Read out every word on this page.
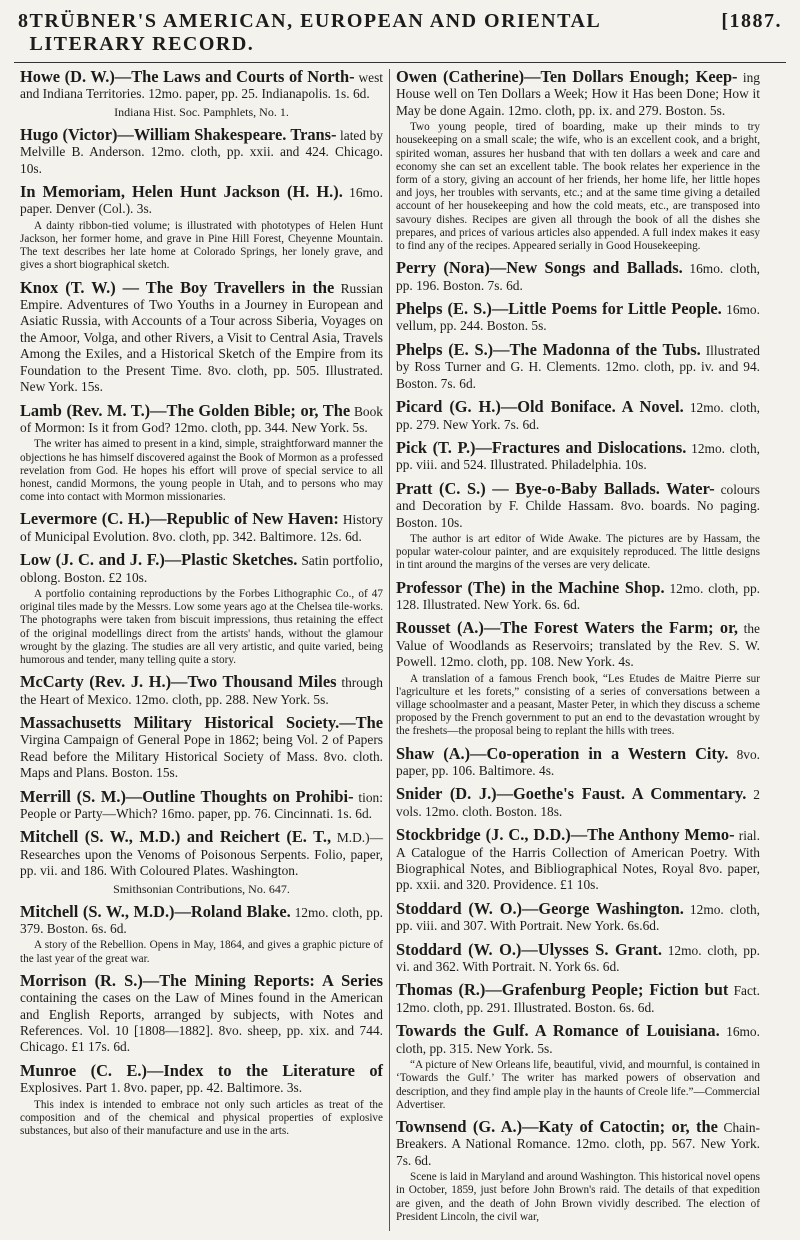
8 TRÜBNER'S AMERICAN, EUROPEAN AND ORIENTAL LITERARY RECORD.
[1887.

Howe (D. W.)—The Laws and Courts of North- west and Indiana Territories. 12mo. paper, pp. 25. Indianapolis. 1s. 6d.

Indiana Hist. Soc. Pamphlets, No. 1.

Hugo (Victor)—William Shakespeare. Trans- lated by Melville B. Anderson. 12mo. cloth, pp. xxii. and 424. Chicago. 10s.

In Memoriam, Helen Hunt Jackson (H. H.). 16mo. paper. Denver (Col.). 3s.

A dainty ribbon-tied volume; is illustrated with phototypes of Helen Hunt Jackson, her former home, and grave in Pine Hill Forest, Cheyenne Mountain. The text describes her late home at Colorado Springs, her lonely grave, and gives a short biographical sketch.

Knox (T. W.) — The Boy Travellers in the Russian Empire. Adventures of Two Youths in a Journey in European and Asiatic Russia, with Accounts of a Tour across Siberia, Voyages on the Amoor, Volga, and other Rivers, a Visit to Central Asia, Travels Among the Exiles, and a Historical Sketch of the Empire from its Foundation to the Present Time. 8vo. cloth, pp. 505. Illustrated. New York. 15s.

Lamb (Rev. M. T.)—The Golden Bible; or, The Book of Mormon: Is it from God? 12mo. cloth, pp. 344. New York. 5s.

The writer has aimed to present in a kind, simple, straightforward manner the objections he has himself discovered against the Book of Mormon as a professed revelation from God. He hopes his effort will prove of special service to all honest, candid Mormons, the young people in Utah, and to persons who may come into contact with Mormon missionaries.

Levermore (C. H.)—Republic of New Haven: History of Municipal Evolution. 8vo. cloth, pp. 342. Baltimore. 12s. 6d.

Low (J. C. and J. F.)—Plastic Sketches. Satin portfolio, oblong. Boston. £2 10s.

A portfolio containing reproductions by the Forbes Lithographic Co., of 47 original tiles made by the Messrs. Low some years ago at the Chelsea tile-works. The photographs were taken from biscuit impressions, thus retaining the effect of the original modellings direct from the artists' hands, without the glamour wrought by the glazing. The studies are all very artistic, and quite varied, being humorous and tender, many telling quite a story.

McCarty (Rev. J. H.)—Two Thousand Miles through the Heart of Mexico. 12mo. cloth, pp. 288. New York. 5s.

Massachusetts Military Historical Society.—The Virgina Campaign of General Pope in 1862; being Vol. 2 of Papers Read before the Military Historical Society of Mass. 8vo. cloth. Maps and Plans. Boston. 15s.

Merrill (S. M.)—Outline Thoughts on Prohibi- tion: People or Party—Which? 16mo. paper, pp. 76. Cincinnati. 1s. 6d.

Mitchell (S. W., M.D.) and Reichert (E. T., M.D.)—Researches upon the Venoms of Poisonous Serpents. Folio, paper, pp. vii. and 186. With Coloured Plates. Washington.

Smithsonian Contributions, No. 647.

Mitchell (S. W., M.D.)—Roland Blake. 12mo. cloth, pp. 379. Boston. 6s. 6d.

A story of the Rebellion. Opens in May, 1864, and gives a graphic picture of the last year of the great war.

Morrison (R. S.)—The Mining Reports: A Series containing the cases on the Law of Mines found in the American and English Reports, arranged by subjects, with Notes and References. Vol. 10 [1808—1882]. 8vo. sheep, pp. xix. and 744. Chicago. £1 17s. 6d.

Munroe (C. E.)—Index to the Literature of Explosives. Part 1. 8vo. paper, pp. 42. Baltimore. 3s.

This index is intended to embrace not only such articles as treat of the composition and of the chemical and physical properties of explosive substances, but also of their manufacture and use in the arts.

Owen (Catherine)—Ten Dollars Enough; Keep- ing House well on Ten Dollars a Week; How it Has been Done; How it May be done Again. 12mo. cloth, pp. ix. and 279. Boston. 5s.

Two young people, tired of boarding, make up their minds to try housekeeping on a small scale; the wife, who is an excellent cook, and a bright, spirited woman, assures her husband that with ten dollars a week and care and economy she can set an excellent table. The book relates her experience in the form of a story, giving an account of her friends, her home life, her little hopes and joys, her troubles with servants, etc.; and at the same time giving a detailed account of her housekeeping and how the cold meats, etc., are transposed into savoury dishes. Recipes are given all through the book of all the dishes she prepares, and prices of various articles also appended. A full index makes it easy to find any of the recipes. Appeared serially in Good Housekeeping.

Perry (Nora)—New Songs and Ballads. 16mo. cloth, pp. 196. Boston. 7s. 6d.

Phelps (E. S.)—Little Poems for Little People. 16mo. vellum, pp. 244. Boston. 5s.

Phelps (E. S.)—The Madonna of the Tubs. Illustrated by Ross Turner and G. H. Clements. 12mo. cloth, pp. iv. and 94. Boston. 7s. 6d.

Picard (G. H.)—Old Boniface. A Novel. 12mo. cloth, pp. 279. New York. 7s. 6d.

Pick (T. P.)—Fractures and Dislocations. 12mo. cloth, pp. viii. and 524. Illustrated. Philadelphia. 10s.

Pratt (C. S.) — Bye-o-Baby Ballads. Water- colours and Decoration by F. Childe Hassam. 8vo. boards. No paging. Boston. 10s.

The author is art editor of Wide Awake. The pictures are by Hassam, the popular water-colour painter, and are exquisitely reproduced. The little designs in tint around the margins of the verses are very delicate.

Professor (The) in the Machine Shop. 12mo. cloth, pp. 128. Illustrated. New York. 6s. 6d.

Rousset (A.)—The Forest Waters the Farm; or, the Value of Woodlands as Reservoirs; translated by the Rev. S. W. Powell. 12mo. cloth, pp. 108. New York. 4s.

A translation of a famous French book, “Les Etudes de Maitre Pierre sur l'agriculture et les forets,” consisting of a series of conversations between a village schoolmaster and a peasant, Master Peter, in which they discuss a scheme proposed by the French government to put an end to the devastation wrought by the freshets—the proposal being to replant the hills with trees.

Shaw (A.)—Co-operation in a Western City. 8vo. paper, pp. 106. Baltimore. 4s.

Snider (D. J.)—Goethe's Faust. A Commentary. 2 vols. 12mo. cloth. Boston. 18s.

Stockbridge (J. C., D.D.)—The Anthony Memo- rial. A Catalogue of the Harris Collection of American Poetry. With Biographical Notes, and Bibliographical Notes, Royal 8vo. paper, pp. xxii. and 320. Providence. £1 10s.

Stoddard (W. O.)—George Washington. 12mo. cloth, pp. viii. and 307. With Portrait. New York. 6s.6d.

Stoddard (W. O.)—Ulysses S. Grant. 12mo. cloth, pp. vi. and 362. With Portrait. N. York 6s. 6d.

Thomas (R.)—Grafenburg People; Fiction but Fact. 12mo. cloth, pp. 291. Illustrated. Boston. 6s. 6d.

Towards the Gulf. A Romance of Louisiana. 16mo. cloth, pp. 315. New York. 5s.

“A picture of New Orleans life, beautiful, vivid, and mournful, is contained in ‘Towards the Gulf.’ The writer has marked powers of observation and description, and they find ample play in the haunts of Creole life.”—Commercial Advertiser.

Townsend (G. A.)—Katy of Catoctin; or, the Chain-Breakers. A National Romance. 12mo. cloth, pp. 567. New York. 7s. 6d.

Scene is laid in Maryland and around Washington. This historical novel opens in October, 1859, just before John Brown's raid. The details of that expedition are given, and the death of John Brown vividly described. The election of President Lincoln, the civil war,
